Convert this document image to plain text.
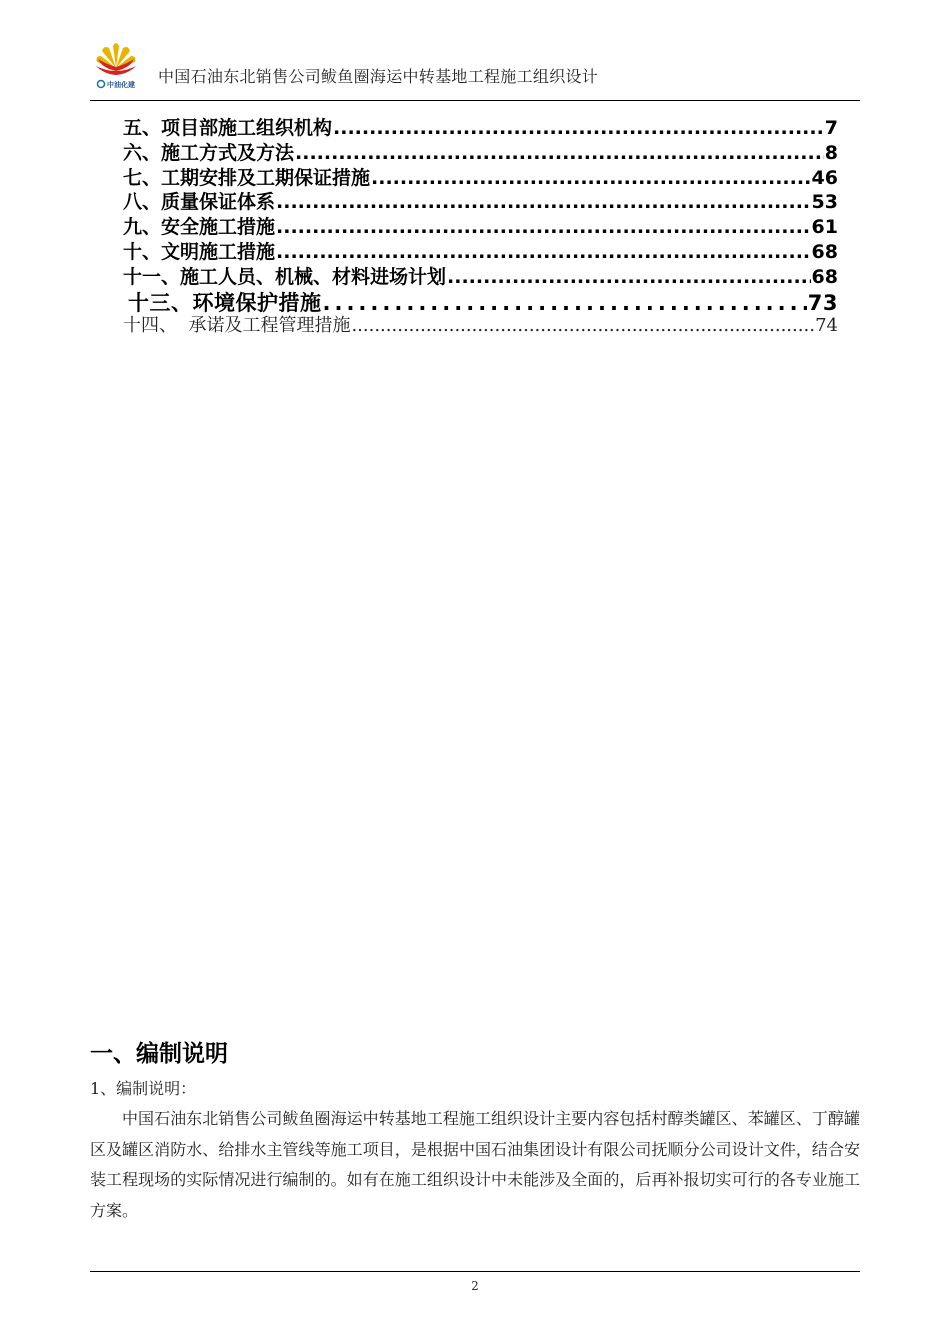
中油化建 中国石油东北销售公司鲅鱼圈海运中转基地工程施工组织设计
五、项目部施工组织机构 .....	7
六、施工方式及方法 .....	8
七、工期安排及工期保证措施 .....	46
八、质量保证体系 .....	53
九、安全施工措施 .....	61
十、文明施工措施 .....	68
十一、施工人员、机械、材料进场计划 .....	68
十三、环境保护措施 .....	73
十四、  承诺及工程管理措施 .....	74
一、编制说明
1、编制说明：
中国石油东北销售公司鲅鱼圈海运中转基地工程施工组织设计主要内容包括村醇类罐区、苯罐区、丁醇罐区及罐区消防水、给排水主管线等施工项目，是根据中国石油集团设计有限公司抚顺分公司设计文件，结合安装工程现场的实际情况进行编制的。如有在施工组织设计中未能涉及全面的，后再补报切实可行的各专业施工方案。
2
